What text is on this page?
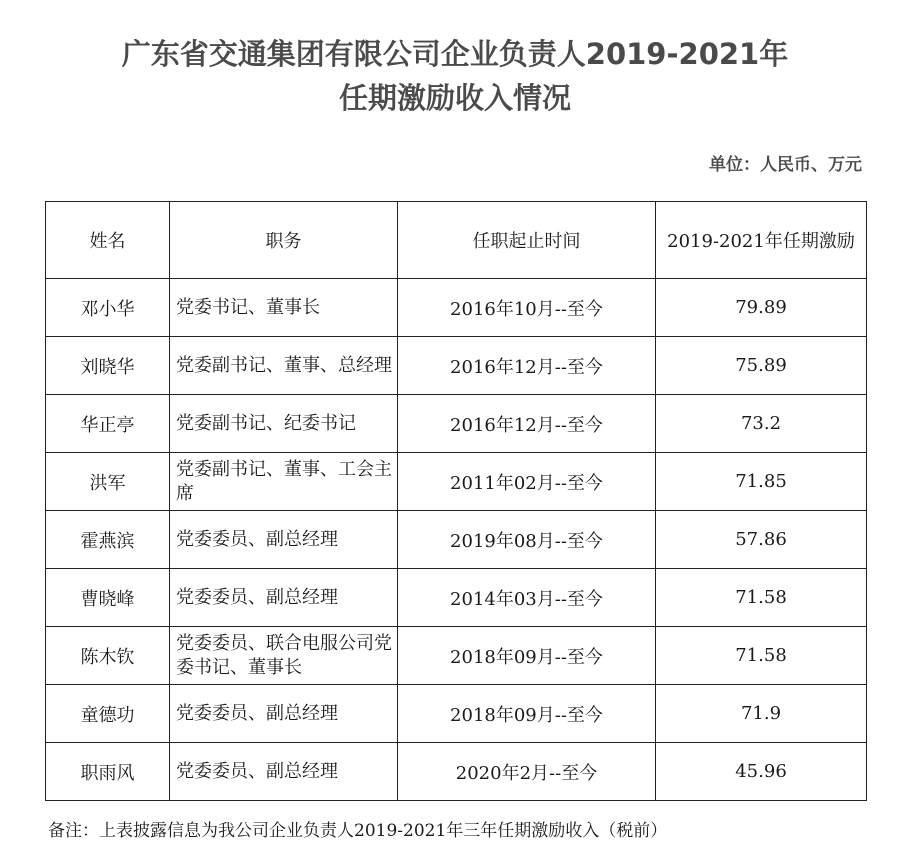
广东省交通集团有限公司企业负责人2019-2021年
任期激励收入情况
单位：人民币、万元
姓名	职务	任职起止时间	2019-2021年任期激励
邓小华	党委书记、董事长	2016年10月--至今	79.89
刘晓华	党委副书记、董事、总经理	2016年12月--至今	75.89
华正亭	党委副书记、纪委书记	2016年12月--至今	73.2
洪军	党委副书记、董事、工会主席	2011年02月--至今	71.85
霍燕滨	党委委员、副总经理	2019年08月--至今	57.86
曹晓峰	党委委员、副总经理	2014年03月--至今	71.58
陈木钦	党委委员、联合电服公司党委书记、董事长	2018年09月--至今	71.58
童德功	党委委员、副总经理	2018年09月--至今	71.9
职雨风	党委委员、副总经理	2020年2月--至今	45.96
备注：上表披露信息为我公司企业负责人2019-2021年三年任期激励收入（税前）
